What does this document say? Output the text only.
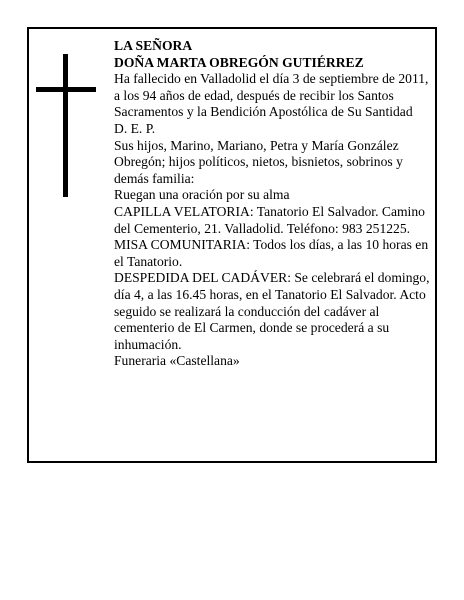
LA SEÑORA

DOÑA MARTA OBREGÓN GUTIÉRREZ

Ha fallecido en Valladolid el día 3 de septiembre de 2011, a los 94 años de edad, después de recibir los Santos Sacramentos y la Bendición Apostólica de Su Santidad

D. E. P.

Sus hijos, Marino, Mariano, Petra y María González Obregón; hijos políticos, nietos, bisnietos, sobrinos y demás familia:

Ruegan una oración por su alma

CAPILLA VELATORIA: Tanatorio El Salvador. Camino del Cementerio, 21. Valladolid. Teléfono: 983 251225.

MISA COMUNITARIA: Todos los días, a las 10 horas en el Tanatorio.

DESPEDIDA DEL CADÁVER: Se celebrará el domingo, día 4, a las 16.45 horas, en el Tanatorio El Salvador. Acto seguido se realizará la conducción del cadáver al cementerio de El Carmen, donde se procederá a su inhumación.

Funeraria «Castellana»
